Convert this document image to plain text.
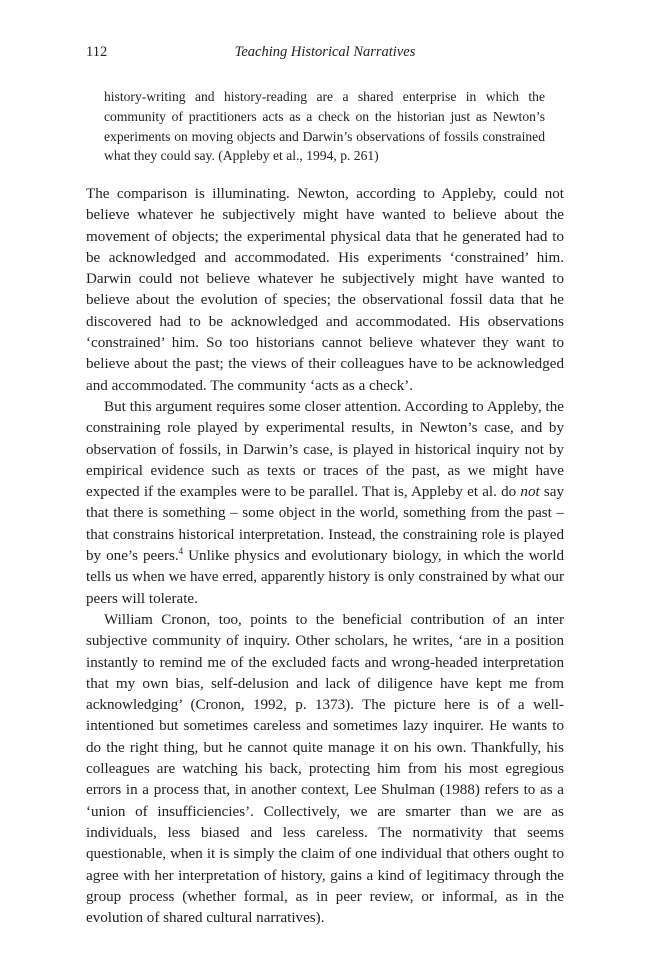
112	Teaching Historical Narratives
history-writing and history-reading are a shared enterprise in which the community of practitioners acts as a check on the historian just as Newton’s experiments on moving objects and Darwin’s observations of fossils constrained what they could say. (Appleby et al., 1994, p. 261)

The comparison is illuminating. Newton, according to Appleby, could not believe whatever he subjectively might have wanted to believe about the movement of objects; the experimental physical data that he generated had to be acknowledged and accommodated. His experiments ‘constrained’ him. Darwin could not believe whatever he subjectively might have wanted to believe about the evolution of species; the observational fossil data that he discovered had to be acknowledged and accommodated. His observations ‘constrained’ him. So too historians cannot believe whatever they want to believe about the past; the views of their colleagues have to be acknowledged and accommodated. The community ‘acts as a check’.

But this argument requires some closer attention. According to Appleby, the constraining role played by experimental results, in Newton’s case, and by observation of fossils, in Darwin’s case, is played in historical inquiry not by empirical evidence such as texts or traces of the past, as we might have expected if the examples were to be parallel. That is, Appleby et al. do not say that there is something – some object in the world, something from the past – that constrains historical interpretation. Instead, the constraining role is played by one’s peers.$^4$ Unlike physics and evolutionary biology, in which the world tells us when we have erred, apparently history is only constrained by what our peers will tolerate.

William Cronon, too, points to the beneficial contribution of an inter subjective community of inquiry. Other scholars, he writes, ‘are in a position instantly to remind me of the excluded facts and wrong-headed interpretation that my own bias, self-delusion and lack of diligence have kept me from acknowledging’ (Cronon, 1992, p. 1373). The picture here is of a well-intentioned but sometimes careless and sometimes lazy inquirer. He wants to do the right thing, but he cannot quite manage it on his own. Thankfully, his colleagues are watching his back, protecting him from his most egregious errors in a process that, in another context, Lee Shulman (1988) refers to as a ‘union of insufficiencies’. Collectively, we are smarter than we are as individuals, less biased and less careless. The normativity that seems questionable, when it is simply the claim of one individual that others ought to agree with her interpretation of history, gains a kind of legitimacy through the group process (whether formal, as in peer review, or informal, as in the evolution of shared cultural narratives).
